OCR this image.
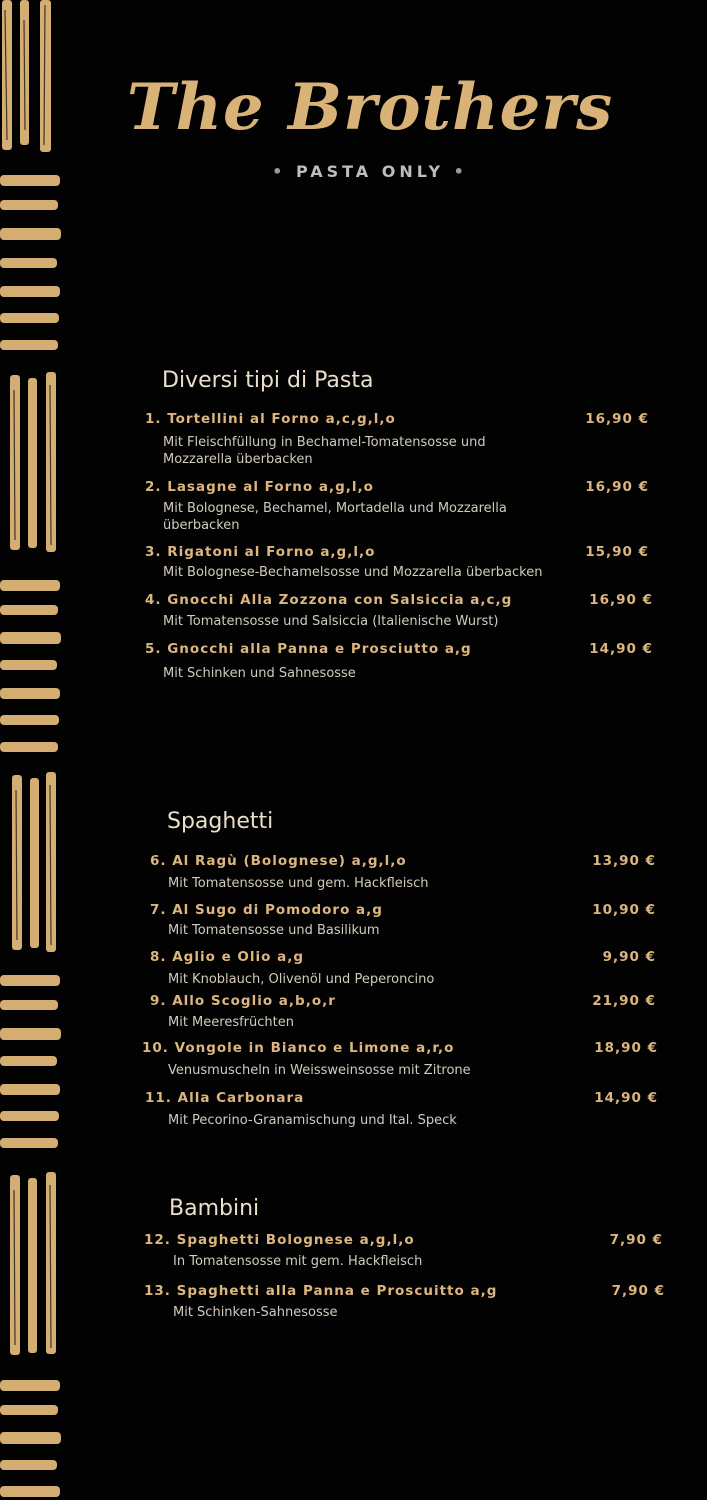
The Brothers
• PASTA ONLY •
Diversi tipi di Pasta
1. Tortellini al Forno a,c,g,l,o	16,90 €
Mit Fleischfüllung in Bechamel-Tomatensosse und Mozzarella überbacken
2. Lasagne al Forno a,g,l,o	16,90 €
Mit Bolognese, Bechamel, Mortadella und Mozzarella überbacken
3. Rigatoni al Forno a,g,l,o	15,90 €
Mit Bolognese-Bechamelsosse und Mozzarella überbacken
4. Gnocchi Alla Zozzona con Salsiccia a,c,g	16,90 €
Mit Tomatensosse und Salsiccia (Italienische Wurst)
5. Gnocchi alla Panna e Prosciutto a,g	14,90 €
Mit Schinken und Sahnesosse
Spaghetti
6. Al Ragù (Bolognese) a,g,l,o	13,90 €
Mit Tomatensosse und gem. Hackfleisch
7. Al Sugo di Pomodoro a,g	10,90 €
Mit Tomatensosse und Basilikum
8. Aglio e Olio a,g	9,90 €
Mit Knoblauch, Olivenöl und Peperoncino
9. Allo Scoglio a,b,o,r	21,90 €
Mit Meeresfrüchten
10. Vongole in Bianco e Limone a,r,o	18,90 €
Venusmuscheln in Weissweinsosse mit Zitrone
11. Alla Carbonara	14,90 €
Mit Pecorino-Granamischung und Ital. Speck
Bambini
12. Spaghetti Bolognese a,g,l,o	7,90 €
In Tomatensosse mit gem. Hackfleisch
13. Spaghetti alla Panna e Proscuitto a,g	7,90 €
Mit Schinken-Sahnesosse
